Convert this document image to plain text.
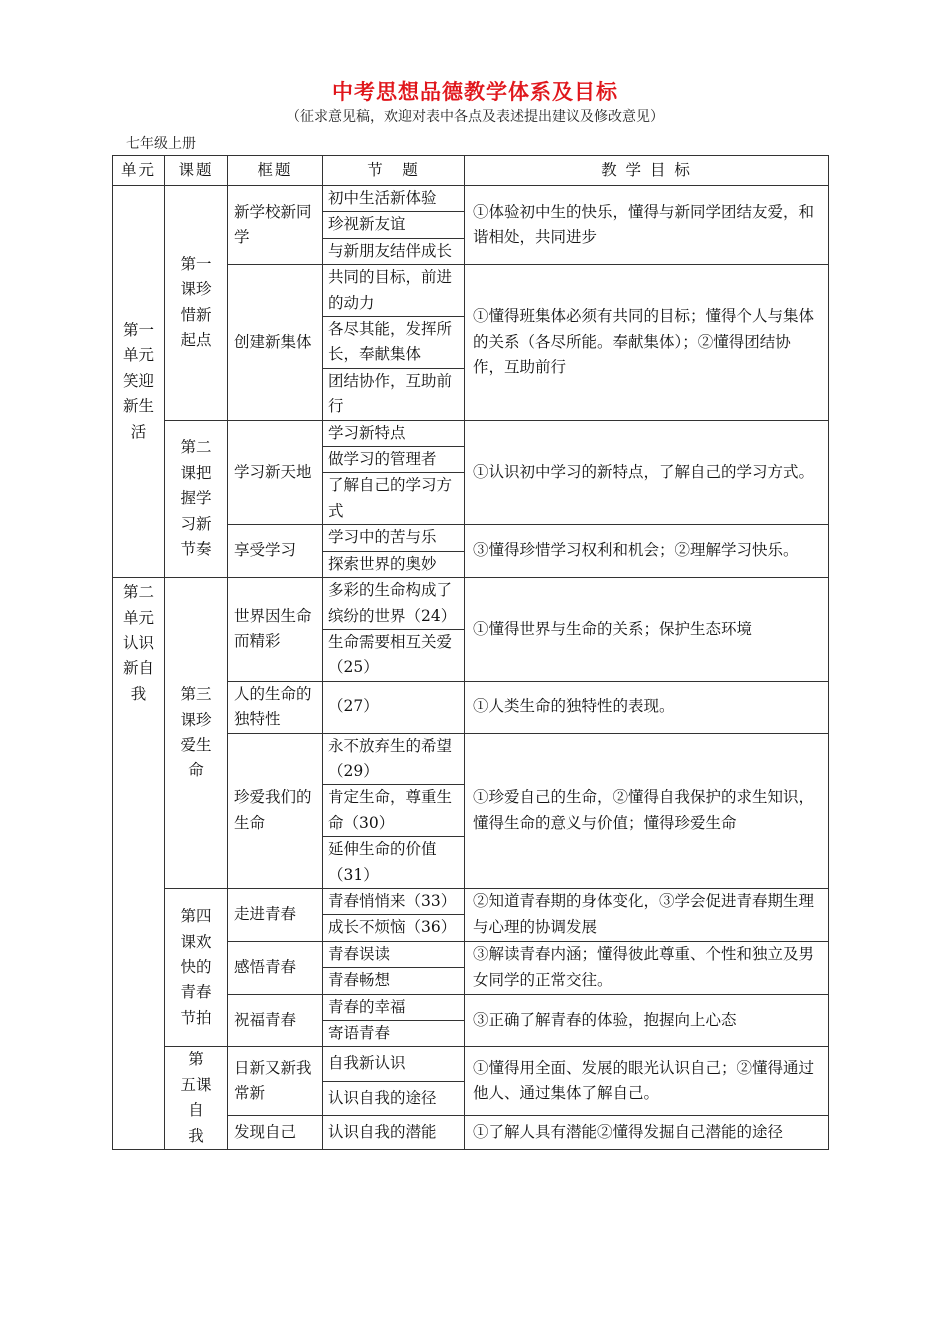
中考思想品德教学体系及目标
（征求意见稿，欢迎对表中各点及表述提出建议及修改意见）
七年级上册
单元	课题	框题	节　题	教 学 目 标
第一单元笑迎新生活	第一课珍惜新起点	新学校新同学	初中生活新体验	①体验初中生的快乐，懂得与新同学团结友爱，和谐相处，共同进步
			珍视新友谊	
			与新朋友结伴成长	
		创建新集体	共同的目标，前进的动力	①懂得班集体必须有共同的目标；懂得个人与集体的关系（各尽所能。奉献集体）；②懂得团结协作，互助前行
			各尽其能，发挥所长，奉献集体	
			团结协作，互助前行	
	第二课把握学习新节奏	学习新天地	学习新特点	①认识初中学习的新特点，了解自己的学习方式。
			做学习的管理者	
			了解自己的学习方式	
		享受学习	学习中的苦与乐	③懂得珍惜学习权利和机会；②理解学习快乐。
			探索世界的奥妙	
第二单元认识新自我	第三课珍爱生命	世界因生命而精彩	多彩的生命构成了缤纷的世界（24）	①懂得世界与生命的关系；保护生态环境
			生命需要相互关爱（25）	
		人的生命的独特性	（27）	①人类生命的独特性的表现。
		珍爱我们的生命	永不放弃生的希望（29）	①珍爱自己的生命，②懂得自我保护的求生知识，懂得生命的意义与价值；懂得珍爱生命
			肯定生命，尊重生命（30）	
			延伸生命的价值（31）	
	第四课欢快的青春节拍	走进青春	青春悄悄来（33）	②知道青春期的身体变化，③学会促进青春期生理与心理的协调发展
			成长不烦恼（36）	
		感悟青春	青春误读	③解读青春内涵；懂得彼此尊重、个性和独立及男女同学的正常交往。
			青春畅想	
		祝福青春	青春的幸福	③正确了解青春的体验，抱握向上心态
			寄语青春	
	第　五课自　我	日新又新我常新	自我新认识	①懂得用全面、发展的眼光认识自己；②懂得通过他人、通过集体了解自己。
			认识自我的途径	
		发现自己	认识自我的潜能	①了解人具有潜能②懂得发掘自己潜能的途径
